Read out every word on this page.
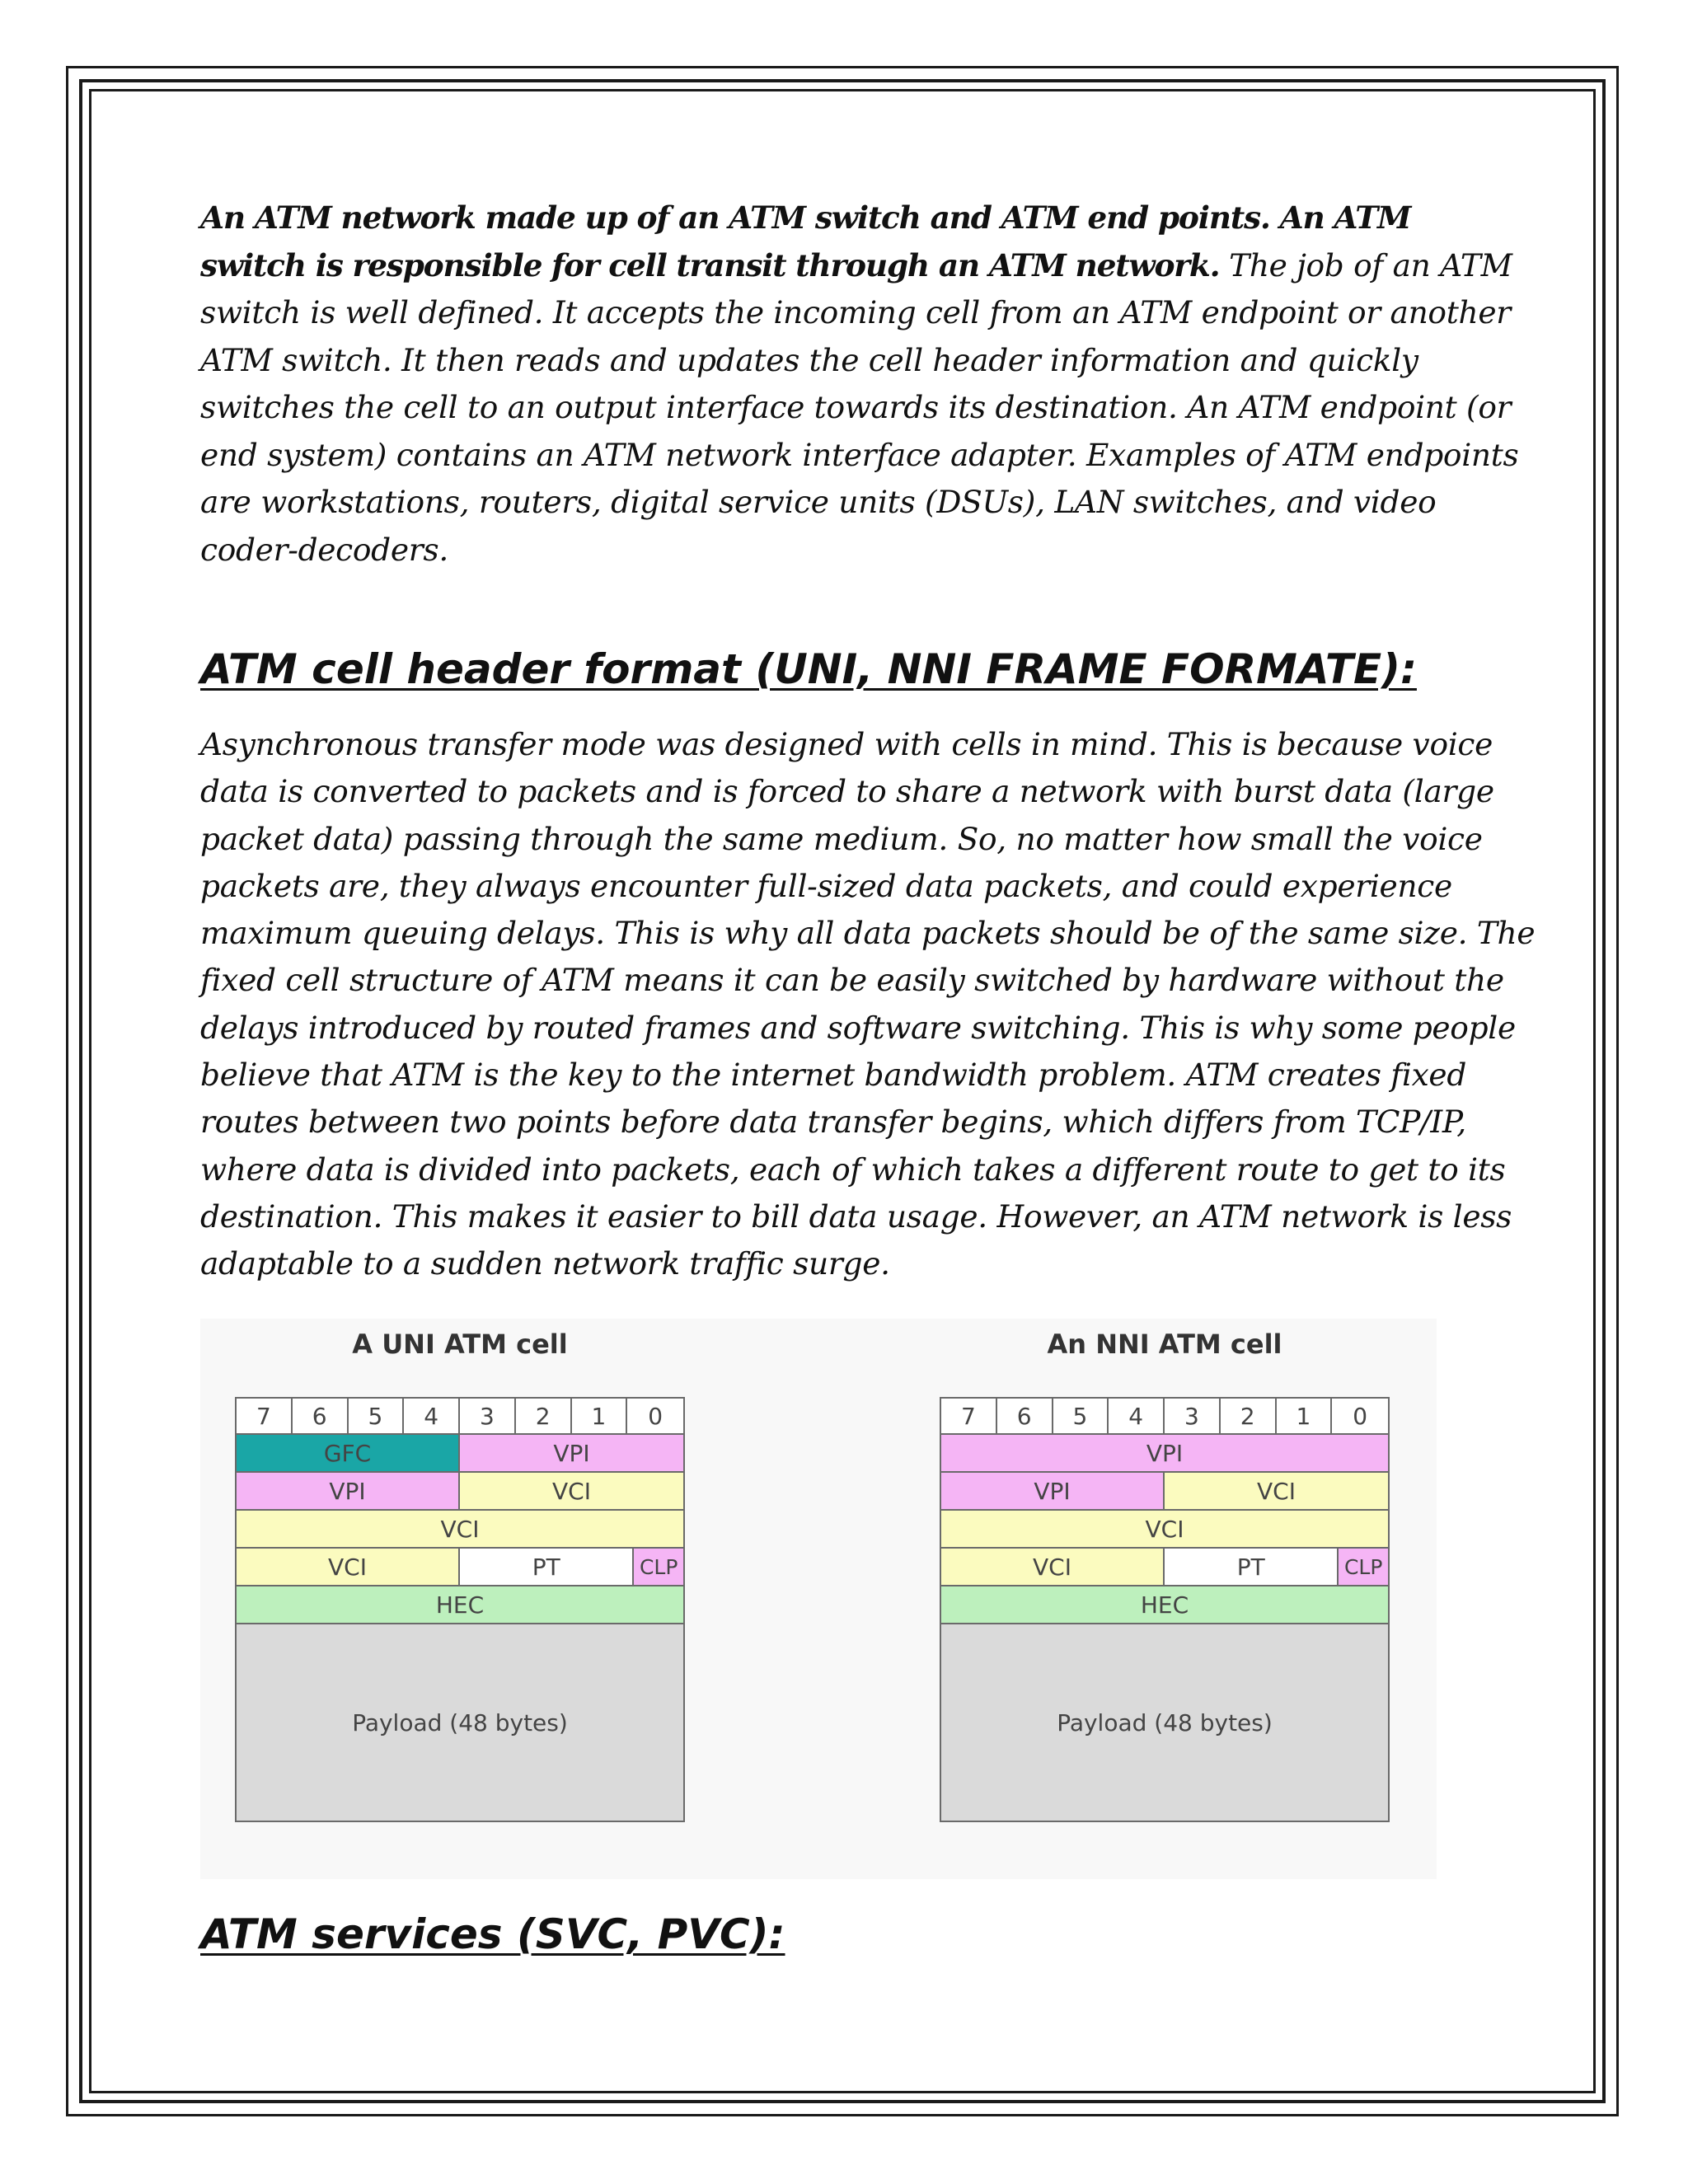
An ATM network made up of an ATM switch and ATM end points. An ATM switch is responsible for cell transit through an ATM network. The job of an ATM switch is well defined. It accepts the incoming cell from an ATM endpoint or another ATM switch. It then reads and updates the cell header information and quickly switches the cell to an output interface towards its destination. An ATM endpoint (or end system) contains an ATM network interface adapter. Examples of ATM endpoints are workstations, routers, digital service units (DSUs), LAN switches, and video coder-decoders.
ATM cell header format (UNI, NNI FRAME FORMATE):
Asynchronous transfer mode was designed with cells in mind. This is because voice data is converted to packets and is forced to share a network with burst data (large packet data) passing through the same medium. So, no matter how small the voice packets are, they always encounter full-sized data packets, and could experience maximum queuing delays. This is why all data packets should be of the same size. The fixed cell structure of ATM means it can be easily switched by hardware without the delays introduced by routed frames and software switching. This is why some people believe that ATM is the key to the internet bandwidth problem. ATM creates fixed routes between two points before data transfer begins, which differs from TCP/IP, where data is divided into packets, each of which takes a different route to get to its destination. This makes it easier to bill data usage. However, an ATM network is less adaptable to a sudden network traffic surge.
A UNI ATM cell
7	6	5	4	3	2	1	0
GFC	VPI
VPI	VCI
VCI
VCI	PT	CLP
HEC
Payload (48 bytes)
An NNI ATM cell
7	6	5	4	3	2	1	0
VPI
VPI	VCI
VCI
VCI	PT	CLP
HEC
Payload (48 bytes)
ATM services (SVC, PVC):
